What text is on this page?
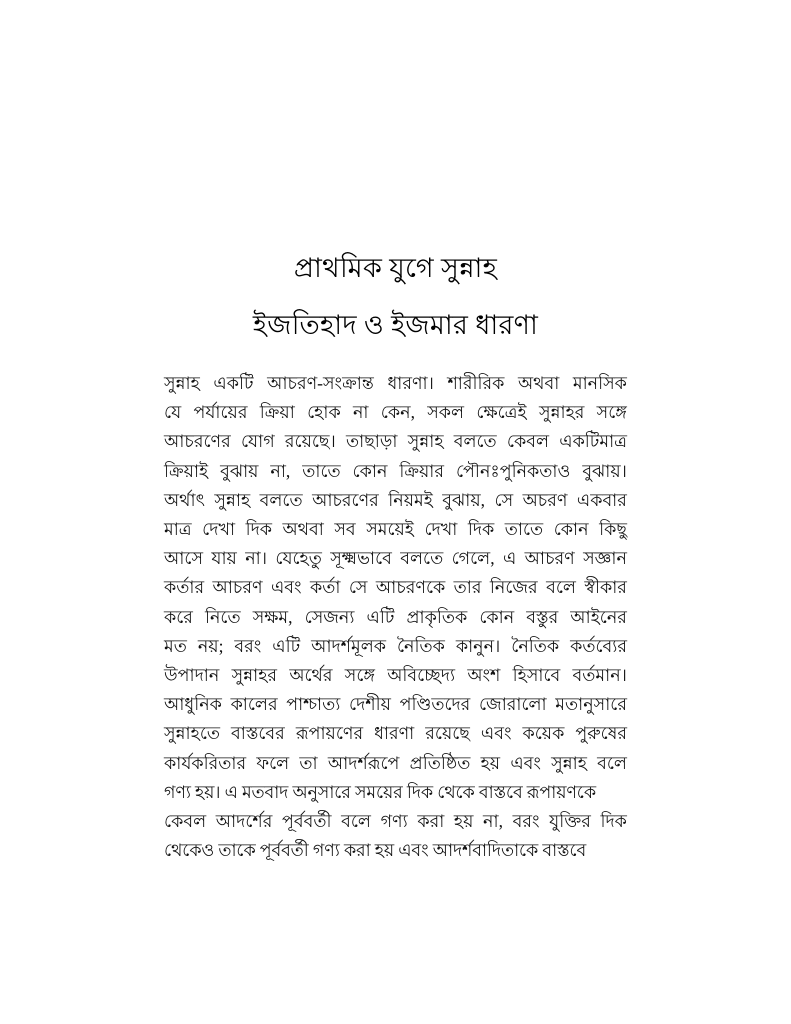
প্রাথমিক যুগে সুন্নাহ
ইজতিহাদ ও ইজমার ধারণা
সুন্নাহ একটি আচরণ-সংক্রান্ত ধারণা। শারীরিক অথবা মানসিক
যে পর্যায়ের ক্রিয়া হোক না কেন, সকল ক্ষেত্রেই সুন্নাহর সঙ্গে
আচরণের যোগ রয়েছে। তাছাড়া সুন্নাহ বলতে কেবল একটিমাত্র
ক্রিয়াই বুঝায় না, তাতে কোন ক্রিয়ার পৌনঃপুনিকতাও বুঝায়।
অর্থাৎ সুন্নাহ বলতে আচরণের নিয়মই বুঝায়, সে অচরণ একবার
মাত্র দেখা দিক অথবা সব সময়েই দেখা দিক তাতে কোন কিছু
আসে যায় না। যেহেতু সূক্ষ্মভাবে বলতে গেলে, এ আচরণ সজ্ঞান
কর্তার আচরণ এবং কর্তা সে আচরণকে তার নিজের বলে স্বীকার
করে নিতে সক্ষম, সেজন্য এটি প্রাকৃতিক কোন বস্তুর আইনের
মত নয়; বরং এটি আদর্শমূলক নৈতিক কানুন। নৈতিক কর্তব্যের
উপাদান সুন্নাহর অর্থের সঙ্গে অবিচ্ছেদ্য অংশ হিসাবে বর্তমান।
আধুনিক কালের পাশ্চাত্য দেশীয় পণ্ডিতদের জোরালো মতানুসারে
সুন্নাহতে বাস্তবের রূপায়ণের ধারণা রয়েছে এবং কয়েক পুরুষের
কার্যকরিতার ফলে তা আদর্শরূপে প্রতিষ্ঠিত হয় এবং সুন্নাহ বলে
গণ্য হয়। এ মতবাদ অনুসারে সময়ের দিক থেকে বাস্তবে রূপায়ণকে
কেবল আদর্শের পূর্ববর্তী বলে গণ্য করা হয় না, বরং যুক্তির দিক
থেকেও তাকে পূর্ববর্তী গণ্য করা হয় এবং আদর্শবাদিতাকে বাস্তবে
